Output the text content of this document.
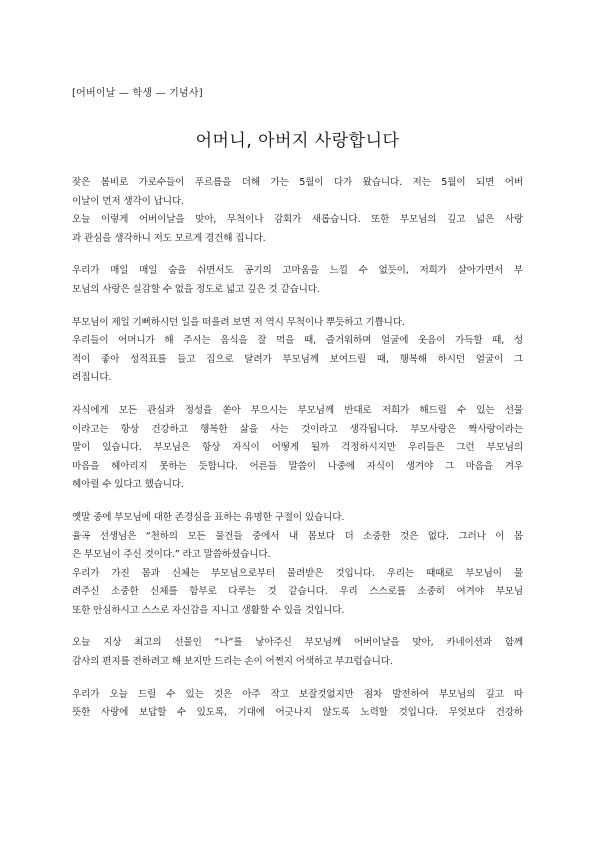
[어버이날 — 학생 — 기념사]
어머니, 아버지 사랑합니다
잦은 봄비로 가로수들이 푸르름을 더해 가는 5월이 다가 왔습니다. 저는 5월이 되면 어버
이날이 먼저 생각이 납니다.
오늘 이렇게 어버이날을 맞아, 무척이나 감회가 새롭습니다. 또한 부모님의 깊고 넓은 사랑
과 관심을 생각하니 저도 모르게 경건해 집니다.
우리가 매일 매일 숨을 쉬면서도 공기의 고마움을 느낄 수 없듯이, 저희가 살아가면서 부
모님의 사랑은 실감할 수 없을 정도로 넓고 깊은 것 같습니다.
부모님이 제일 기뻐하시던 일을 떠올려 보면 저 역시 무척이나 뿌듯하고 기쁩니다.
우리들이 어머니가 해 주시는 음식을 잘 먹을 때, 즐거워하며 얼굴에 웃음이 가득할 때, 성
적이 좋아 성적표를 들고 집으로 달려가 부모님께 보여드릴 때, 행복해 하시던 얼굴이 그
려집니다.
자식에게 모든 관심과 정성을 쏟아 부으시는 부모님께 반대로 저희가 해드릴 수 있는 선물
이라고는 항상 건강하고 행복한 삶을 사는 것이라고 생각됩니다. 부모사랑은 짝사랑이라는
말이 있습니다. 부모님은 항상 자식이 어떻게 될까 걱정하시지만 우리들은 그런 부모님의
마음을 헤아리지 못하는 듯합니다. 어른들 말씀이 나중에 자식이 생겨야 그 마음을 겨우
헤아릴 수 있다고 했습니다.
옛말 중에 부모님에 대한 존경심을 표하는 유명한 구절이 있습니다.
율곡 선생님은 “천하의 모든 물건들 중에서 내 몸보다 더 소중한 것은 없다. 그러나 이 몸
은 부모님이 주신 것이다.” 라고 말씀하셨습니다.
우리가 가진 몸과 신체는 부모님으로부터 물려받은 것입니다. 우리는 때때로 부모님이 물
려주신 소중한 신체를 함부로 다루는 것 같습니다. 우리 스스로를 소중히 여겨야 부모님
또한 안심하시고 스스로 자신감을 지니고 생활할 수 있을 것입니다.
오늘 지상 최고의 선물인 “나”를 낳아주신 부모님께 어버이날을 맞아, 카네이션과 함께
감사의 편지를 전하려고 해 보지만 드리는 손이 어쩐지 어색하고 부끄럽습니다.
우리가 오늘 드릴 수 있는 것은 아주 작고 보잘것없지만 점차 발전하여 부모님의 깊고 따
뜻한 사랑에 보답할 수 있도록, 기대에 어긋나지 않도록 노력할 것입니다. 무엇보다 건강하
